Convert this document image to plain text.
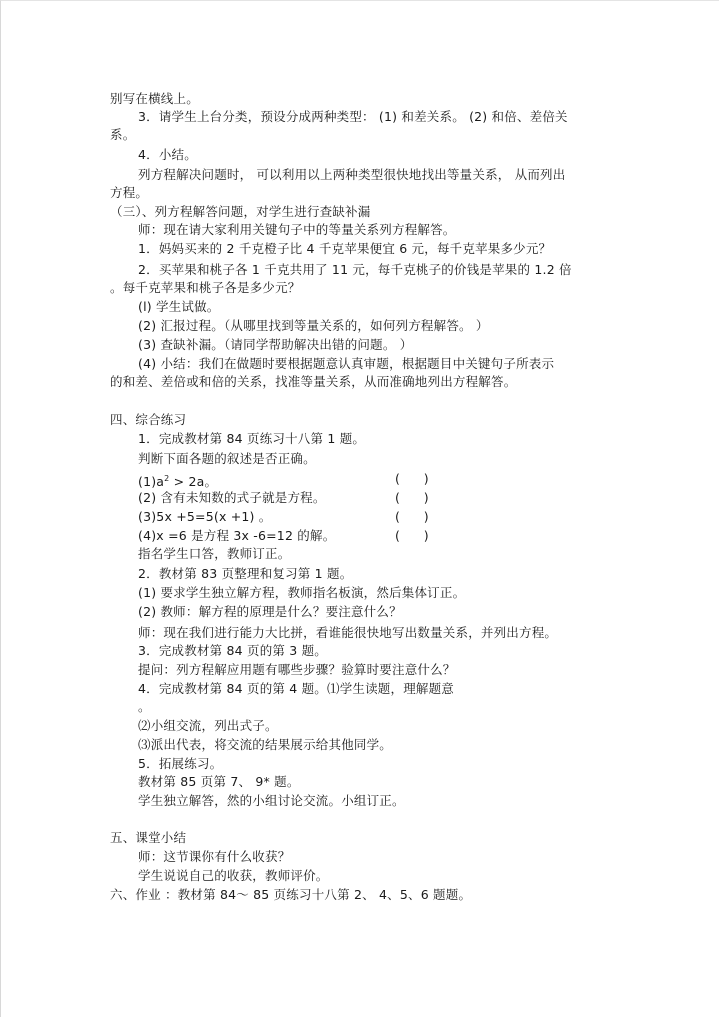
别写在横线上。
3．请学生上台分类，预设分成两种类型： (1) 和差关系。 (2) 和倍、差倍关
系。
4．小结。
列方程解决问题时， 可以利用以上两种类型很快地找出等量关系， 从而列出
方程。
（三）、列方程解答问题，对学生进行查缺补漏
师：现在请大家利用关键句子中的等量关系列方程解答。
1．妈妈买来的 2 千克橙子比 4 千克苹果便宜 6 元，每千克苹果多少元？
2．买苹果和桃子各 1 千克共用了 11 元，每千克桃子的价钱是苹果的 1.2 倍
。每千克苹果和桃子各是多少元？
(l) 学生试做。
(2) 汇报过程。（从哪里找到等量关系的，如何列方程解答。 ）
(3) 查缺补漏。（请同学帮助解决出错的问题。 ）
(4) 小结：我们在做题时要根据题意认真审题，根据题目中关键句子所表示
的和差、差倍或和倍的关系，找准等量关系，从而准确地列出方程解答。
四、综合练习
1．完成教材第 84 页练习十八第 1 题。
判断下面各题的叙述是否正确。
$(1)a^2 > 2a$。	(      )
(2) 含有未知数的式子就是方程。	(      )
(3)5x +5=5(x +1) 。	(      )
(4)x =6 是方程 3x -6=12 的解。	(      )
指名学生口答，教师订正。
2．教材第 83 页整理和复习第 1 题。
(1) 要求学生独立解方程，教师指名板演，然后集体订正。
(2) 教师：解方程的原理是什么？要注意什么？
师：现在我们进行能力大比拼，看谁能很快地写出数量关系，并列出方程。
3．完成教材第 84 页的第 3 题。
提问：列方程解应用题有哪些步骤？验算时要注意什么？
4．完成教材第 84 页的第 4 题。⑴学生读题，理解题意
。
⑵小组交流，列出式子。
⑶派出代表，将交流的结果展示给其他同学。
5．拓展练习。
教材第 85 页第 7、 9* 题。
学生独立解答，然的小组讨论交流。小组订正。
五、课堂小结
师：这节课你有什么收获？
学生说说自己的收获，教师评价。
六、作业 ：教材第 84～ 85 页练习十八第 2、 4、5、6 题题。
